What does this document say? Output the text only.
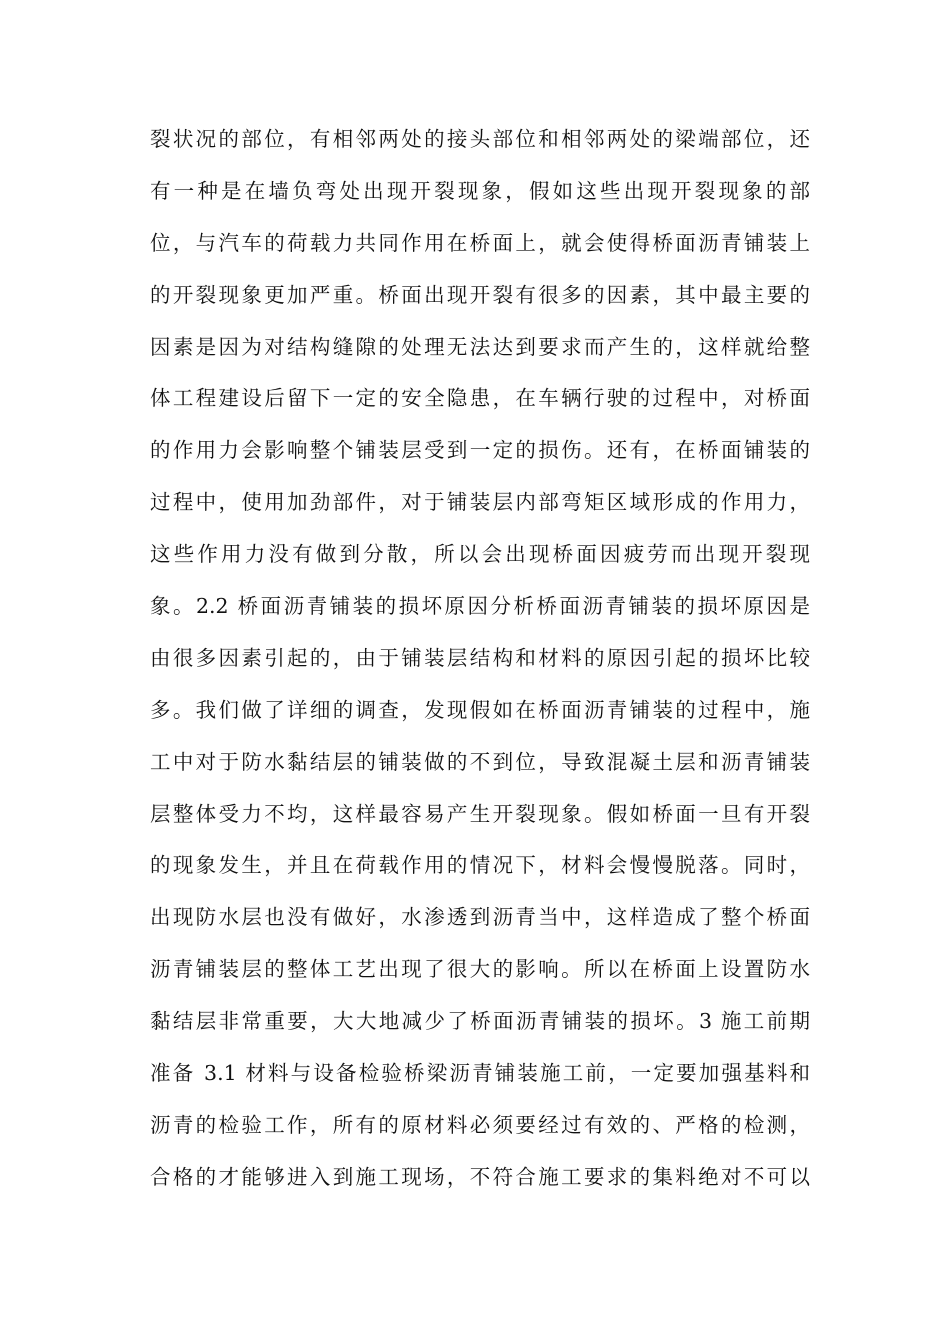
裂状况的部位，有相邻两处的接头部位和相邻两处的梁端部位，还
有一种是在墙负弯处出现开裂现象，假如这些出现开裂现象的部
位，与汽车的荷载力共同作用在桥面上，就会使得桥面沥青铺装上
的开裂现象更加严重。桥面出现开裂有很多的因素，其中最主要的
因素是因为对结构缝隙的处理无法达到要求而产生的，这样就给整
体工程建设后留下一定的安全隐患，在车辆行驶的过程中，对桥面
的作用力会影响整个铺装层受到一定的损伤。还有，在桥面铺装的
过程中，使用加劲部件，对于铺装层内部弯矩区域形成的作用力，
这些作用力没有做到分散，所以会出现桥面因疲劳而出现开裂现
象。2.2 桥面沥青铺装的损坏原因分析桥面沥青铺装的损坏原因是
由很多因素引起的，由于铺装层结构和材料的原因引起的损坏比较
多。我们做了详细的调查，发现假如在桥面沥青铺装的过程中，施
工中对于防水黏结层的铺装做的不到位，导致混凝土层和沥青铺装
层整体受力不均，这样最容易产生开裂现象。假如桥面一旦有开裂
的现象发生，并且在荷载作用的情况下，材料会慢慢脱落。同时，
出现防水层也没有做好，水渗透到沥青当中，这样造成了整个桥面
沥青铺装层的整体工艺出现了很大的影响。所以在桥面上设置防水
黏结层非常重要，大大地减少了桥面沥青铺装的损坏。3 施工前期
准备 3.1 材料与设备检验桥梁沥青铺装施工前，一定要加强基料和
沥青的检验工作，所有的原材料必须要经过有效的、严格的检测，
合格的才能够进入到施工现场，不符合施工要求的集料绝对不可以
